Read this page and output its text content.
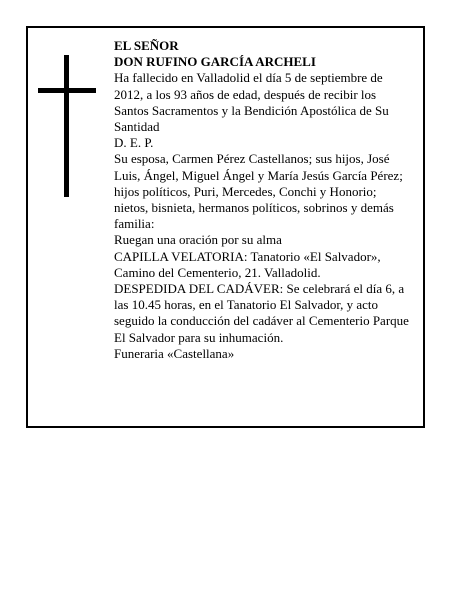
EL SEÑOR

DON RUFINO GARCÍA ARCHELI

Ha fallecido en Valladolid el día 5 de septiembre de 2012, a los 93 años de edad, después de recibir los Santos Sacramentos y la Bendición Apostólica de Su Santidad

D. E. P.

Su esposa, Carmen Pérez Castellanos; sus hijos, José Luis, Ángel, Miguel Ángel y María Jesús García Pérez; hijos políticos, Puri, Mercedes, Conchi y Honorio; nietos, bisnieta, hermanos políticos, sobrinos y demás familia:

Ruegan una oración por su alma

CAPILLA VELATORIA: Tanatorio «El Salvador», Camino del Cementerio, 21. Valladolid.

DESPEDIDA DEL CADÁVER: Se celebrará el día 6, a las 10.45 horas, en el Tanatorio El Salvador, y acto seguido la conducción del cadáver al Cementerio Parque El Salvador para su inhumación.

Funeraria «Castellana»
